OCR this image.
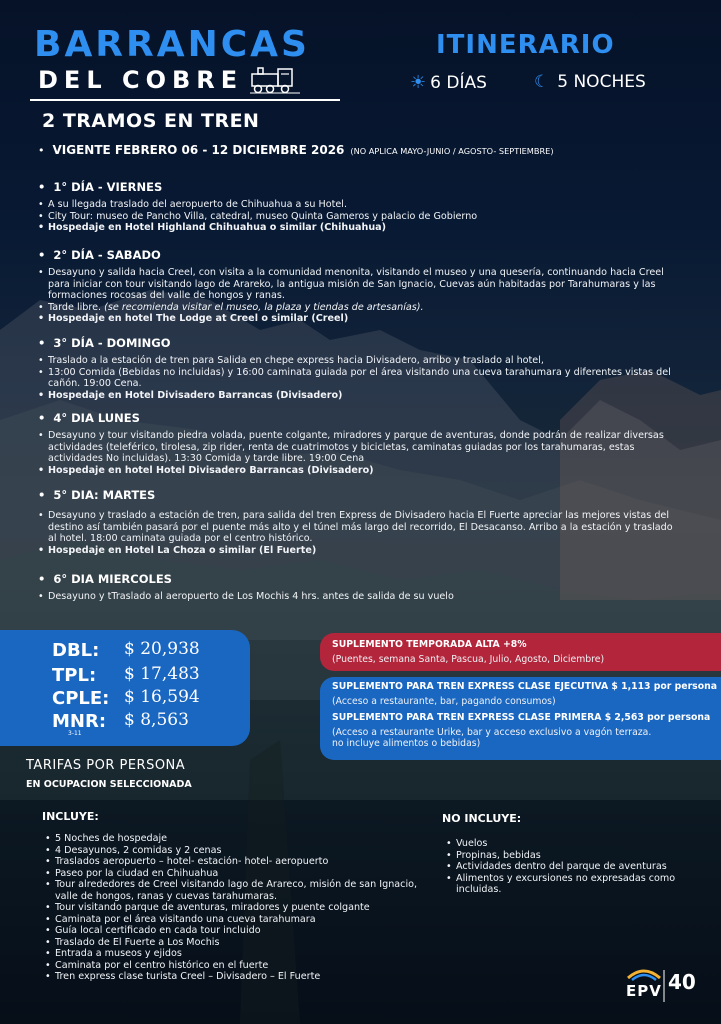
BARRANCAS
DEL COBRE
ITINERARIO
☀ 6 DÍAS	☾ 5 NOCHES
2 TRAMOS EN TREN
• VIGENTE FEBRERO 06 - 12 DICIEMBRE 2026 (NO APLICA MAYO-JUNIO / AGOSTO- SEPTIEMBRE)
•  1° DÍA - VIERNES
• A su llegada traslado del aeropuerto de Chihuahua a su Hotel.
• City Tour: museo de Pancho Villa, catedral, museo Quinta Gameros y palacio de Gobierno
• Hospedaje en Hotel Highland Chihuahua o similar (Chihuahua)
•  2° DÍA - SABADO
• Desayuno y salida hacia Creel, con visita a la comunidad menonita, visitando el museo y una quesería, continuando hacia Creel para iniciar con tour visitando lago de Arareko, la antigua misión de San Ignacio, Cuevas aún habitadas por Tarahumaras y las formaciones rocosas del valle de hongos y ranas.
• Tarde libre. (se recomienda visitar el museo, la plaza y tiendas de artesanías).
• Hospedaje en hotel The Lodge at Creel o similar (Creel)
•  3° DÍA - DOMINGO
• Traslado a la estación de tren para Salida en chepe express hacia Divisadero, arribo y traslado al hotel,
• 13:00 Comida (Bebidas no incluidas) y 16:00 caminata guiada por el área visitando una cueva tarahumara y diferentes vistas del cañón. 19:00 Cena.
• Hospedaje en Hotel Divisadero Barrancas (Divisadero)
•  4° DIA LUNES
• Desayuno y tour visitando piedra volada, puente colgante, miradores y parque de aventuras, donde podrán de realizar diversas actividades (teleférico, tirolesa, zip rider, renta de cuatrimotos y bicicletas, caminatas guiadas por los tarahumaras, estas actividades No incluidas). 13:30 Comida y tarde libre. 19:00 Cena
• Hospedaje en hotel Hotel Divisadero Barrancas (Divisadero)
•  5° DIA: MARTES
• Desayuno y traslado a estación de tren, para salida del tren Express de Divisadero hacia El Fuerte apreciar las mejores vistas del destino así también pasará por el puente más alto y el túnel más largo del recorrido, El Desacanso. Arribo a la estación y traslado al hotel. 18:00 caminata guiada por el centro histórico.
• Hospedaje en Hotel La Choza o similar (El Fuerte)
•  6° DIA MIERCOLES
• Desayuno y tTraslado al aeropuerto de Los Mochis 4 hrs. antes de salida de su vuelo
DBL: $ 20,938
TPL: $ 17,483
CPLE: $ 16,594
MNR: $ 8,563
3-11
SUPLEMENTO TEMPORADA ALTA +8%
(Puentes, semana Santa, Pascua, Julio, Agosto, Diciembre)
SUPLEMENTO PARA TREN EXPRESS CLASE EJECUTIVA $ 1,113 por persona
(Acceso a restaurante, bar, pagando consumos)
SUPLEMENTO PARA TREN EXPRESS CLASE PRIMERA $ 2,563 por persona
(Acceso a restaurante Urike, bar y acceso exclusivo a vagón terraza.
no incluye alimentos o bebidas)
TARIFAS POR PERSONA
EN OCUPACION SELECCIONADA
INCLUYE:
• 5 Noches de hospedaje
• 4 Desayunos, 2 comidas y 2 cenas
• Traslados aeropuerto – hotel- estación- hotel- aeropuerto
• Paseo por la ciudad en Chihuahua
• Tour alrededores de Creel visitando lago de Arareco, misión de san Ignacio, valle de hongos, ranas y cuevas tarahumaras.
• Tour visitando parque de aventuras, miradores y puente colgante
• Caminata por el área visitando una cueva tarahumara
• Guía local certificado en cada tour incluido
• Traslado de El Fuerte a Los Mochis
• Entrada a museos y ejidos
• Caminata por el centro histórico en el fuerte
• Tren express clase turista Creel – Divisadero – El Fuerte
NO INCLUYE:
• Vuelos
• Propinas, bebidas
• Actividades dentro del parque de aventuras
• Alimentos y excursiones no expresadas como incluidas.
EPV 40
